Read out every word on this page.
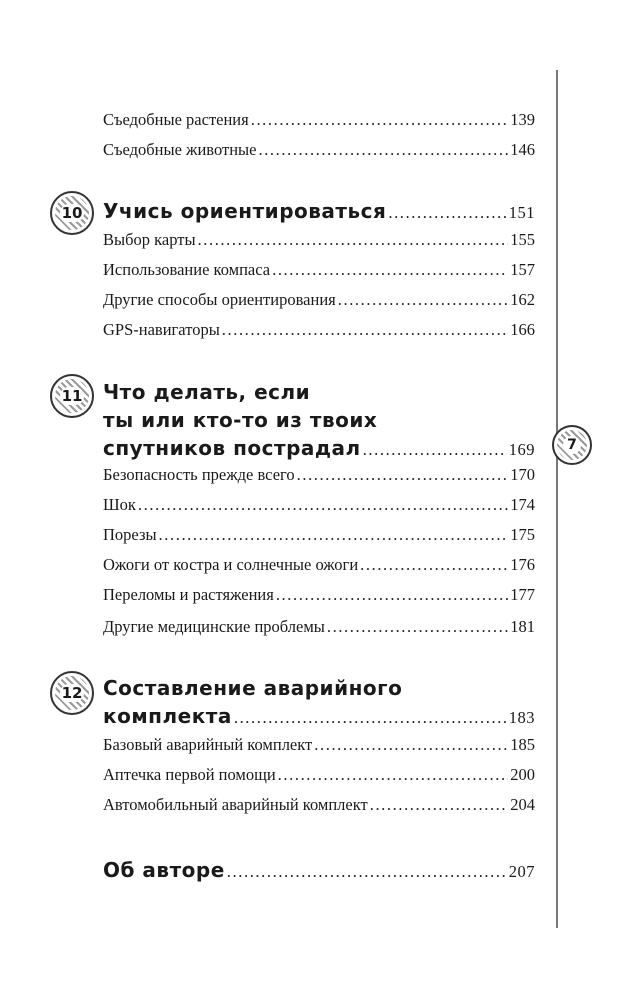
7
Съедобные растения .....	139
Съедобные животные .....	146
10 Учись ориентироваться .....	151
Выбор карты .....	155
Использование компаса .....	157
Другие способы ориентирования .....	162
GPS-навигаторы .....	166
11 Что делать, если
ты или кто-то из твоих
спутников пострадал .....	169
Безопасность прежде всего .....	170
Шок .....	174
Порезы .....	175
Ожоги от костра и солнечные ожоги .....	176
Переломы и растяжения .....	177
Другие медицинские проблемы .....	181
12 Составление аварийного
комплекта .....	183
Базовый аварийный комплект .....	185
Аптечка первой помощи .....	200
Автомобильный аварийный комплект .....	204
Об авторе .....	207
